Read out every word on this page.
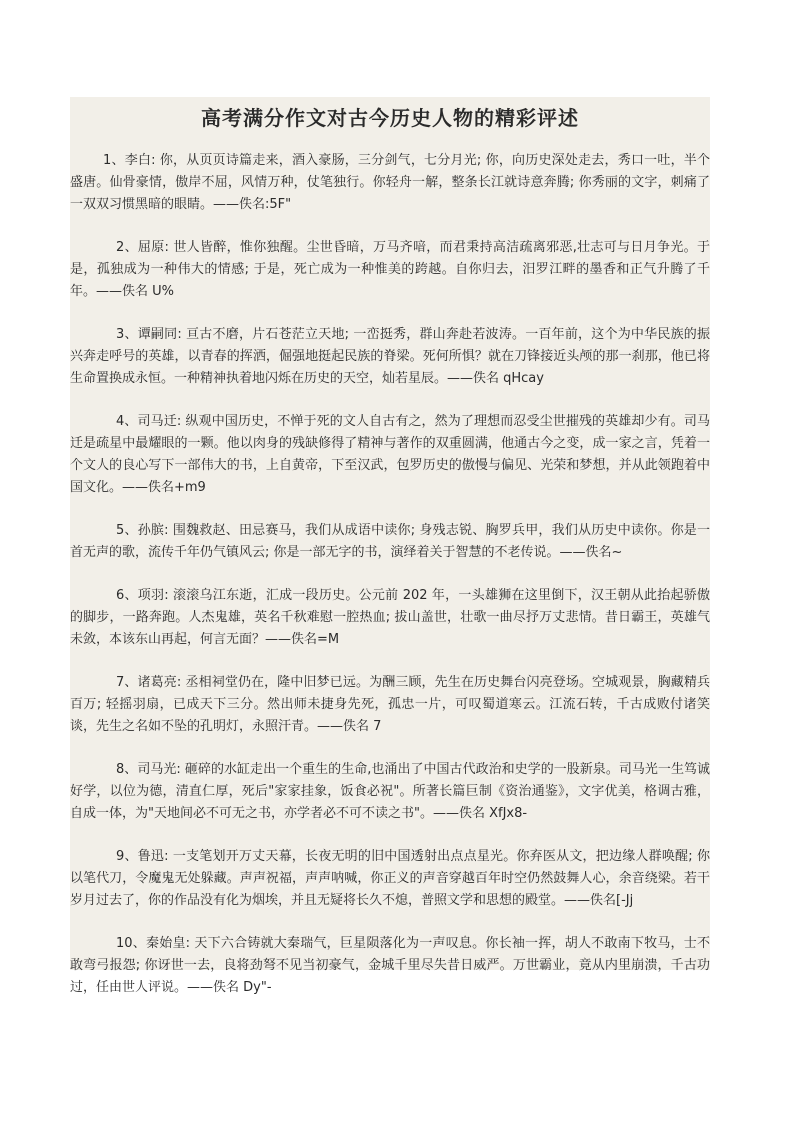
高考满分作文对古今历史人物的精彩评述

1、李白: 你，从页页诗篇走来，酒入豪肠，三分剑气，七分月光; 你，向历史深处走去，秀口一吐，半个盛唐。仙骨豪情，傲岸不屈，风情万种，仗笔独行。你轻舟一解，整条长江就诗意奔腾; 你秀丽的文字，刺痛了一双双习惯黑暗的眼睛。——佚名:5F"

2、屈原: 世人皆醉，惟你独醒。尘世昏暗，万马齐喑，而君秉持高洁疏离邪恶,壮志可与日月争光。于是，孤独成为一种伟大的情感; 于是，死亡成为一种惟美的跨越。自你归去，汨罗江畔的墨香和正气升腾了千年。——佚名 U%

3、谭嗣同: 亘古不磨，片石苍茫立天地; 一峦挺秀，群山奔赴若波涛。一百年前，这个为中华民族的振兴奔走呼号的英雄，以青春的挥洒，倔强地挺起民族的脊梁。死何所惧？就在刀锋接近头颅的那一刹那，他已将生命置换成永恒。一种精神执着地闪烁在历史的天空，灿若星辰。——佚名 qHcay

4、司马迁: 纵观中国历史，不惮于死的文人自古有之，然为了理想而忍受尘世摧残的英雄却少有。司马迁是疏星中最耀眼的一颗。他以肉身的残缺修得了精神与著作的双重圆满，他通古今之变，成一家之言，凭着一个文人的良心写下一部伟大的书，上自黄帝，下至汉武，包罗历史的傲慢与偏见、光荣和梦想，并从此领跑着中国文化。——佚名+m9

5、孙膑: 围魏救赵、田忌赛马，我们从成语中读你; 身残志锐、胸罗兵甲，我们从历史中读你。你是一首无声的歌，流传千年仍气镇风云; 你是一部无字的书，演绎着关于智慧的不老传说。——佚名~

6、项羽: 滚滚乌江东逝，汇成一段历史。公元前 202 年，一头雄狮在这里倒下，汉王朝从此抬起骄傲的脚步，一路奔跑。人杰鬼雄，英名千秋难慰一腔热血; 拔山盖世，壮歌一曲尽抒万丈悲情。昔日霸王，英雄气未敛，本该东山再起，何言无面？——佚名=M

7、诸葛亮: 丞相祠堂仍在，隆中旧梦已远。为酬三顾，先生在历史舞台闪亮登场。空城观景，胸藏精兵百万; 轻摇羽扇，已成天下三分。然出师未捷身先死，孤忠一片，可叹蜀道寒云。江流石转，千古成败付诸笑谈，先生之名如不坠的孔明灯，永照汗青。——佚名 7

8、司马光: 砸碎的水缸走出一个重生的生命,也涌出了中国古代政治和史学的一股新泉。司马光一生笃诚好学，以位为德，清直仁厚，死后"家家挂象，饭食必祝"。所著长篇巨制《资治通鉴》，文字优美，格调古雅，自成一体，为"天地间必不可无之书，亦学者必不可不读之书"。——佚名 XfJx8-

9、鲁迅: 一支笔划开万丈天幕，长夜无明的旧中国透射出点点星光。你弃医从文，把边缘人群唤醒; 你以笔代刀，令魔鬼无处躲藏。声声祝福，声声呐喊，你正义的声音穿越百年时空仍然鼓舞人心，余音绕梁。若干岁月过去了，你的作品没有化为烟埃，并且无疑将长久不熄，普照文学和思想的殿堂。——佚名[-Jj

10、秦始皇: 天下六合铸就大秦瑞气，巨星陨落化为一声叹息。你长袖一挥，胡人不敢南下牧马，士不敢弯弓报怨; 你讶世一去，良将劲弩不见当初豪气，金城千里尽失昔日威严。万世霸业，竟从内里崩溃，千古功过，任由世人评说。——佚名 Dy"-
